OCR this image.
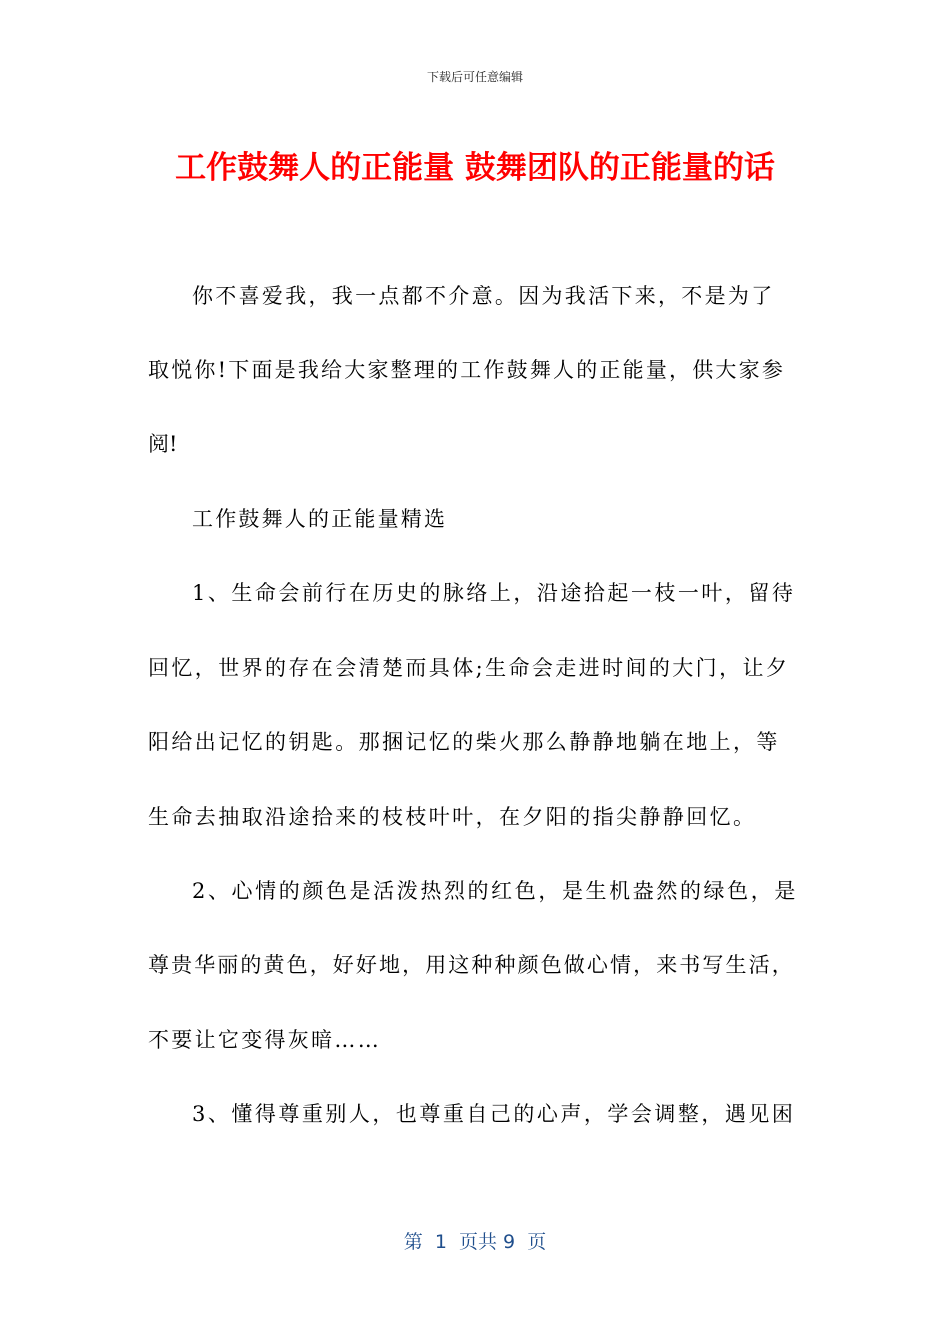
下载后可任意编辑
工作鼓舞人的正能量 鼓舞团队的正能量的话
你不喜爱我，我一点都不介意。因为我活下来，不是为了
取悦你!下面是我给大家整理的工作鼓舞人的正能量，供大家参
阅!
工作鼓舞人的正能量精选
1、生命会前行在历史的脉络上，沿途拾起一枝一叶，留待
回忆，世界的存在会清楚而具体;生命会走进时间的大门，让夕
阳给出记忆的钥匙。那捆记忆的柴火那么静静地躺在地上，等
生命去抽取沿途拾来的枝枝叶叶，在夕阳的指尖静静回忆。
2、心情的颜色是活泼热烈的红色，是生机盎然的绿色，是
尊贵华丽的黄色，好好地，用这种种颜色做心情，来书写生活，
不要让它变得灰暗……
3、懂得尊重别人，也尊重自己的心声，学会调整，遇见困
第  1  页共 9  页
